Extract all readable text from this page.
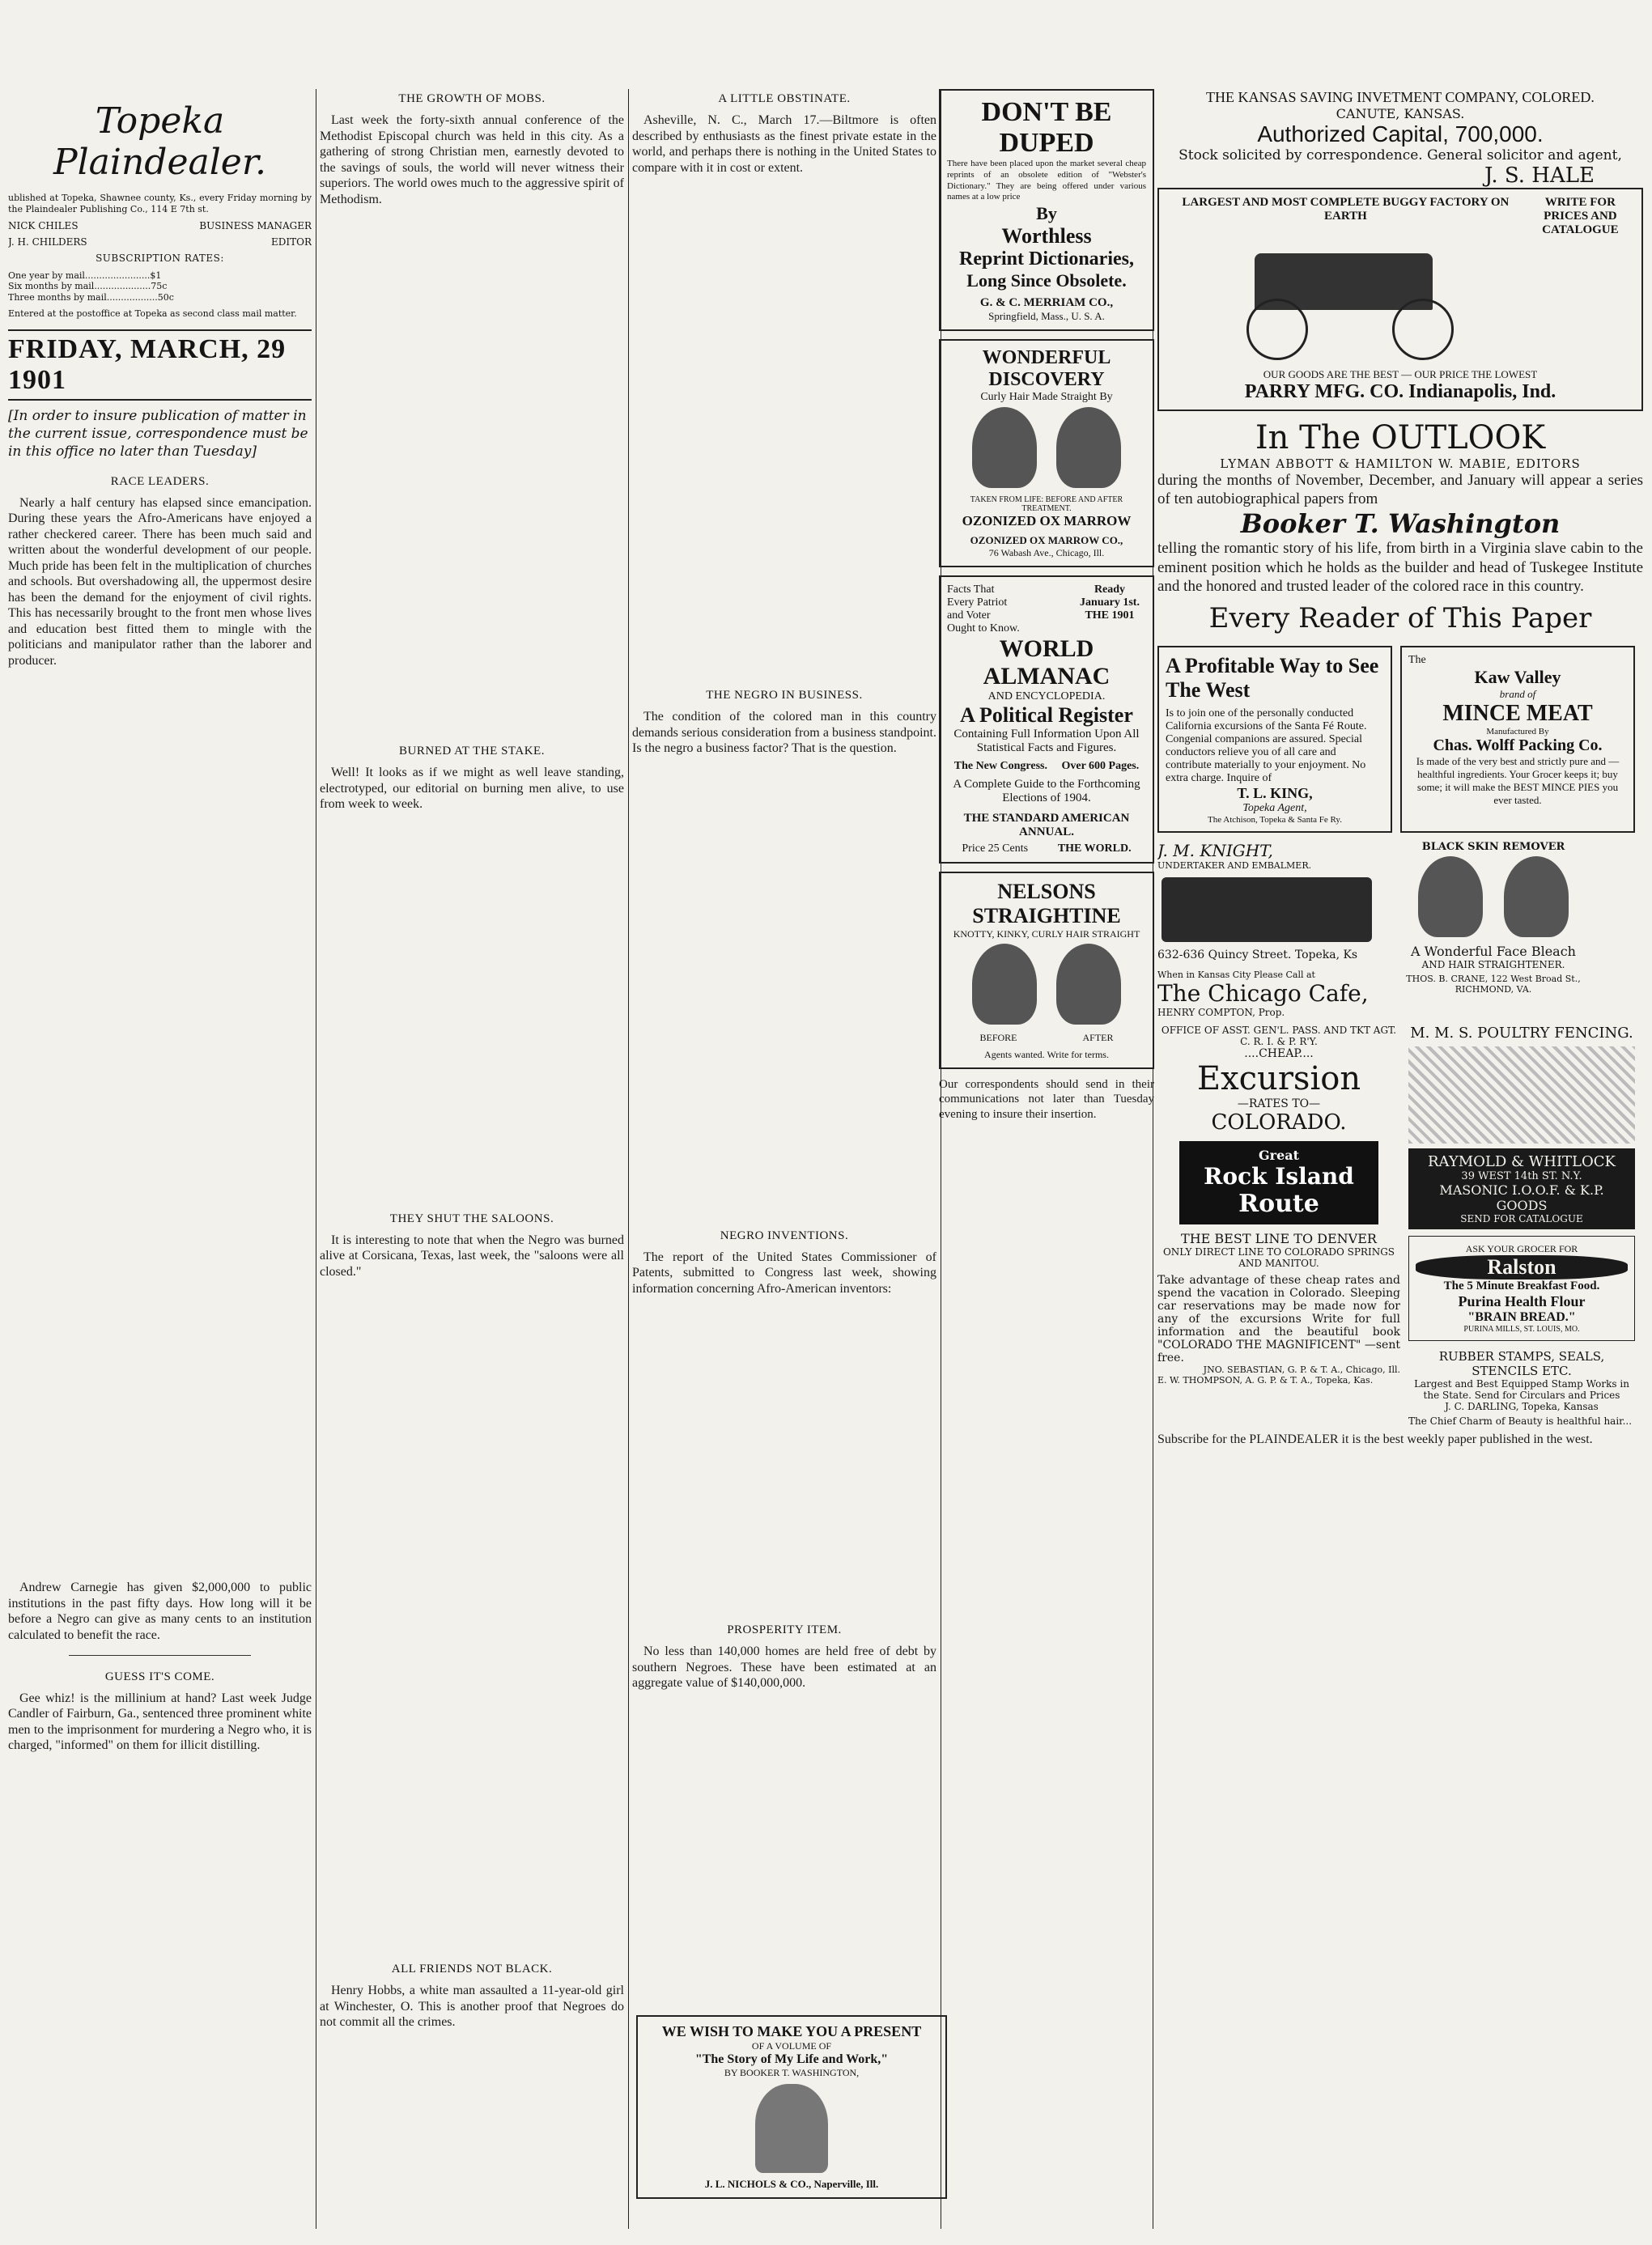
Topeka Plaindealer.
ublished at Topeka, Shawnee county, Ks., every Friday morning by the Plaindealer Publishing Co., 114 E 7th st.
NICK CHILES	BUSINESS MANAGER
J. H. CHILDERS	EDITOR
SUBSCRIPTION RATES:
One year by mail.......................$1
Six months by mail....................75c
Three months by mail..................50c
Entered at the postoffice at Topeka as second class mail matter.
FRIDAY, MARCH, 29 1901
[In order to insure publication of matter in the current issue, correspondence must be in this office no later than Tuesday]
RACE LEADERS.

Nearly a half century has elapsed since emancipation. During these years the Afro-Americans have enjoyed a rather checkered career. There has been much said and written about the wonderful development of our people. Much pride has been felt in the multiplication of churches and schools. But overshadowing all, the uppermost desire has been the demand for the enjoyment of civil rights. This has necessarily brought to the front men whose lives and education best fitted them to mingle with the politicians and manipulator rather than the laborer and producer.

Andrew Carnegie has given $2,000,000 to public institutions in the past fifty days. How long will it be before a Negro can give as many cents to an institution calculated to benefit the race.

GUESS IT'S COME.

Gee whiz! is the millinium at hand? Last week Judge Candler of Fairburn, Ga., sentenced three prominent white men to the imprisonment for murdering a Negro who, it is charged, "informed" on them for illicit distilling.

THE GROWTH OF MOBS.

Last week the forty-sixth annual conference of the Methodist Episcopal church was held in this city. As a gathering of strong Christian men, earnestly devoted to the savings of souls, the world will never witness their superiors. The world owes much to the aggressive spirit of Methodism.

BURNED AT THE STAKE.

Well! It looks as if we might as well leave standing, electrotyped, our editorial on burning men alive, to use from week to week.

THEY SHUT THE SALOONS.

It is interesting to note that when the Negro was burned alive at Corsicana, Texas, last week, the "saloons were all closed."

ALL FRIENDS NOT BLACK.

Henry Hobbs, a white man assaulted a 11-year-old girl at Winchester, O. This is another proof that Negroes do not commit all the crimes.

A LITTLE OBSTINATE.

Asheville, N. C., March 17.—Biltmore is often described by enthusiasts as the finest private estate in the world, and perhaps there is nothing in the United States to compare with it in cost or extent.

THE NEGRO IN BUSINESS.

The condition of the colored man in this country demands serious consideration from a business standpoint. Is the negro a business factor? That is the question.

NEGRO INVENTIONS.

The report of the United States Commissioner of Patents, submitted to Congress last week, showing information concerning Afro-American inventors:

PROSPERITY ITEM.

No less than 140,000 homes are held free of debt by southern Negroes. These have been estimated at an aggregate value of $140,000,000.

DON'T BE DUPED
There have been placed upon the market several cheap reprints of an obsolete edition of "Webster's Dictionary." They are being offered under various names at a low price
By
Worthless
Reprint Dictionaries,
Long Since Obsolete.
G. & C. MERRIAM CO.,
Springfield, Mass., U. S. A.
WONDERFUL DISCOVERY
Curly Hair Made Straight By

TAKEN FROM LIFE: BEFORE AND AFTER TREATMENT.
OZONIZED OX MARROW
OZONIZED OX MARROW CO.,
76 Wabash Ave., Chicago, Ill.
Facts That
Every Patriot
and Voter
Ought to Know.
Ready January 1st. THE 1901
WORLD ALMANAC
AND ENCYCLOPEDIA.
A Political Register
Containing Full Information Upon All Statistical Facts and Figures.
The New Congress. Over 600 Pages.
A Complete Guide to the Forthcoming Elections of 1904.
THE STANDARD AMERICAN ANNUAL.
Price 25 Cents	THE WORLD.
NELSONS STRAIGHTINE
KNOTTY, KINKY, CURLY HAIR STRAIGHT

BEFORE	AFTER
Agents wanted. Write for terms.
Our correspondents should send in their communications not later than Tuesday evening to insure their insertion.
WE WISH TO MAKE YOU A PRESENT
OF A VOLUME OF
"The Story of My Life and Work,"
BY BOOKER T. WASHINGTON,
J. L. NICHOLS & CO., Naperville, Ill.
THE KANSAS SAVING INVETMENT COMPANY, COLORED.
CANUTE, KANSAS.
Authorized Capital, 700,000.
Stock solicited by correspondence. General solicitor and agent,
J. S. HALE
LARGEST AND MOST COMPLETE BUGGY FACTORY ON EARTH
WRITE FOR PRICES AND CATALOGUE
OUR GOODS ARE THE BEST — OUR PRICE THE LOWEST
PARRY MFG. CO. Indianapolis, Ind.
In The OUTLOOK
LYMAN ABBOTT & HAMILTON W. MABIE, EDITORS
during the months of November, December, and January will appear a series of ten autobiographical papers from
Booker T. Washington
telling the romantic story of his life, from birth in a Virginia slave cabin to the eminent position which he holds as the builder and head of Tuskegee Institute and the honored and trusted leader of the colored race in this country.
Every Reader of This Paper
A Profitable Way to See The West
Is to join one of the personally conducted California excursions of the Santa Fé Route. Congenial companions are assured. Special conductors relieve you of all care and contribute materially to your enjoyment. No extra charge. Inquire of
T. L. KING,
Topeka Agent,
The Atchison, Topeka & Santa Fe Ry.
The
Kaw Valley
brand of
MINCE MEAT
Manufactured By
Chas. Wolff Packing Co.
Is made of the very best and strictly pure and — healthful ingredients. Your Grocer keeps it; buy some; it will make the BEST MINCE PIES you ever tasted.
J. M. KNIGHT,
UNDERTAKER AND EMBALMER.
632-636 Quincy Street. Topeka, Ks
When in Kansas City Please Call at
The Chicago Cafe,
HENRY COMPTON, Prop.
BLACK SKIN REMOVER

A Wonderful Face Bleach
AND HAIR STRAIGHTENER.
THOS. B. CRANE, 122 West Broad St., RICHMOND, VA.
OFFICE OF ASST. GEN'L. PASS. AND TKT AGT. C. R. I. & P. R'Y.
....CHEAP....
Excursion
—RATES TO—
COLORADO.
Great
Rock Island
Route
THE BEST LINE TO DENVER
ONLY DIRECT LINE TO COLORADO SPRINGS AND MANITOU.
Take advantage of these cheap rates and spend the vacation in Colorado. Sleeping car reservations may be made now for any of the excursions Write for full information and the beautiful book "COLORADO THE MAGNIFICENT" —sent free.
JNO. SEBASTIAN, G. P. & T. A., Chicago, Ill.
E. W. THOMPSON, A. G. P. & T. A., Topeka, Kas.
M. M. S. POULTRY FENCING.
RAYMOLD & WHITLOCK
39 WEST 14th ST. N.Y.
MASONIC I.O.O.F. & K.P. GOODS
SEND FOR CATALOGUE
ASK YOUR GROCER FOR
Ralston
The 5 Minute Breakfast Food.
Purina Health Flour
"BRAIN BREAD."
PURINA MILLS, ST. LOUIS, MO.
RUBBER STAMPS, SEALS, STENCILS ETC.
Largest and Best Equipped Stamp Works in the State. Send for Circulars and Prices
J. C. DARLING, Topeka, Kansas
The Chief Charm of Beauty is healthful hair...
Subscribe for the PLAINDEALER it is the best weekly paper published in the west.
